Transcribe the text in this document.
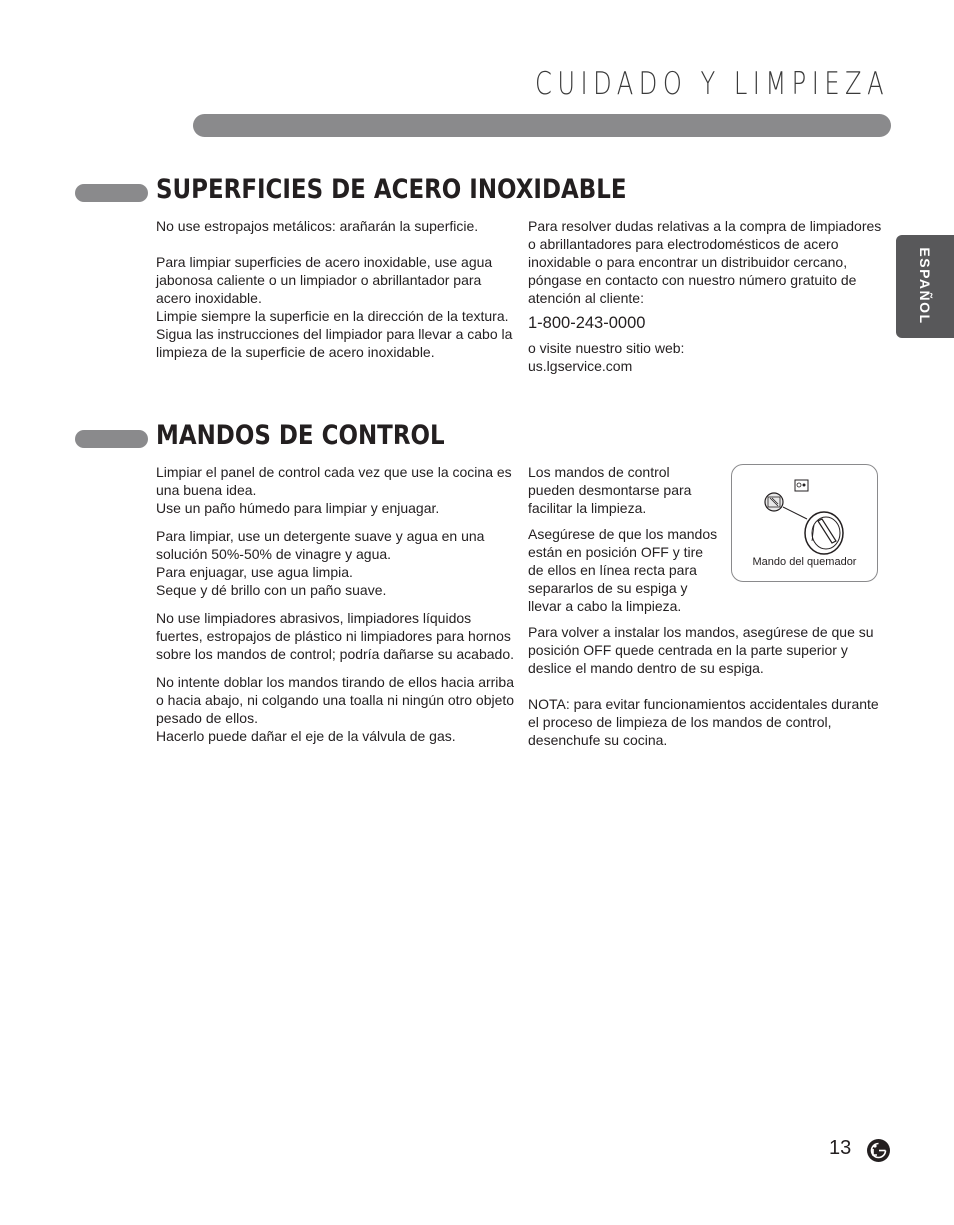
CUIDADO Y LIMPIEZA
ESPAÑOL
SUPERFICIES DE ACERO INOXIDABLE

No use estropajos metálicos: arañarán la superficie.

Para limpiar superficies de acero inoxidable, use agua jabonosa caliente o un limpiador o abrillantador para acero inoxidable.

Limpie siempre la superficie en la dirección de la textura.

Sigua las instrucciones del limpiador para llevar a cabo la limpieza de la superficie de acero inoxidable.

Para resolver dudas relativas a la compra de limpiadores o abrillantadores para electrodomésticos de acero inoxidable o para encontrar un distribuidor cercano, póngase en contacto con nuestro número gratuito de atención al cliente:

1-800-243-0000

o visite nuestro sitio web:

us.lgservice.com

MANDOS DE CONTROL

Limpiar el panel de control cada vez que use la cocina es una buena idea.

Use un paño húmedo para limpiar y enjuagar.

Para limpiar, use un detergente suave y agua en una solución 50%-50% de vinagre y agua.

Para enjuagar, use agua limpia.

Seque y dé brillo con un paño suave.

No use limpiadores abrasivos, limpiadores líquidos fuertes, estropajos de plástico ni limpiadores para hornos sobre los mandos de control; podría dañarse su acabado.

No intente doblar los mandos tirando de ellos hacia arriba o hacia abajo, ni colgando una toalla ni ningún otro objeto pesado de ellos.

Hacerlo puede dañar el eje de la válvula de gas.

Los mandos de control pueden desmontarse para facilitar la limpieza.

Asegúrese de que los mandos están en posición OFF y tire de ellos en línea recta para separarlos de su espiga y llevar a cabo la limpieza.

Para volver a instalar los mandos, asegúrese de que su posición OFF quede centrada en la parte superior y deslice el mando dentro de su espiga.

NOTA: para evitar funcionamientos accidentales durante el proceso de limpieza de los mandos de control, desenchufe su cocina.

Mando del quemador
13
